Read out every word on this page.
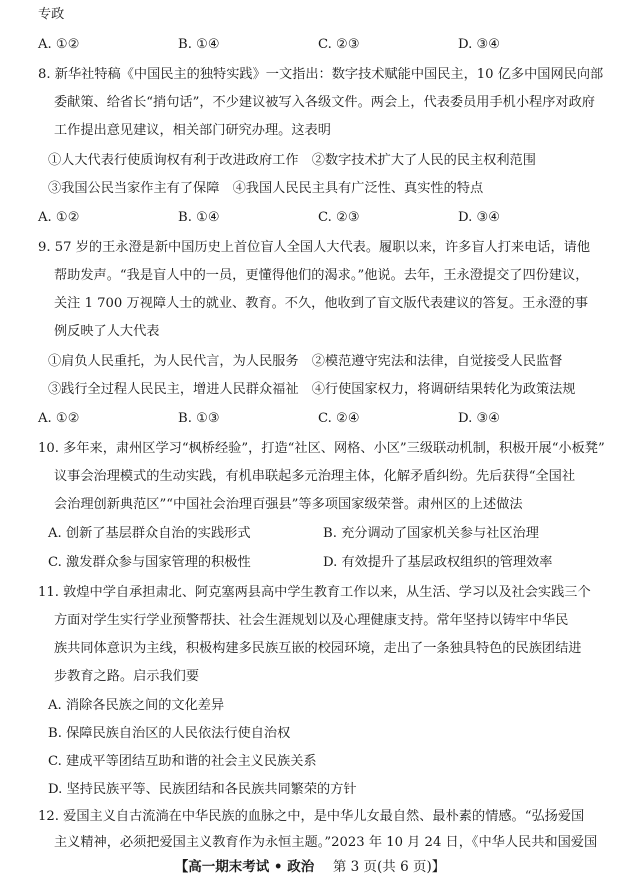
专政
A. ①②	B. ①④	C. ②③	D. ③④
8. 新华社特稿《中国民主的独特实践》一文指出：数字技术赋能中国民主，10 亿多中国网民向部
委献策、给省长“捎句话”，不少建议被写入各级文件。两会上，代表委员用手机小程序对政府
工作提出意见建议，相关部门研究办理。这表明
①人大代表行使质询权有利于改进政府工作　②数字技术扩大了人民的民主权利范围
③我国公民当家作主有了保障　④我国人民民主具有广泛性、真实性的特点
A. ①②	B. ①④	C. ②③	D. ③④
9. 57 岁的王永澄是新中国历史上首位盲人全国人大代表。履职以来，许多盲人打来电话，请他
帮助发声。“我是盲人中的一员，更懂得他们的渴求。”他说。去年，王永澄提交了四份建议，
关注 1 700 万视障人士的就业、教育。不久，他收到了盲文版代表建议的答复。王永澄的事
例反映了人大代表
①肩负人民重托，为人民代言，为人民服务　②模范遵守宪法和法律，自觉接受人民监督
③践行全过程人民民主，增进人民群众福祉　④行使国家权力，将调研结果转化为政策法规
A. ①②	B. ①③	C. ②④	D. ③④
10. 多年来，肃州区学习“枫桥经验”，打造“社区、网格、小区”三级联动机制，积极开展“小板凳”
议事会治理模式的生动实践，有机串联起多元治理主体，化解矛盾纠纷。先后获得“全国社
会治理创新典范区”“中国社会治理百强县”等多项国家级荣誉。肃州区的上述做法
A. 创新了基层群众自治的实践形式	B. 充分调动了国家机关参与社区治理
C. 激发群众参与国家管理的积极性	D. 有效提升了基层政权组织的管理效率
11. 敦煌中学自承担肃北、阿克塞两县高中学生教育工作以来，从生活、学习以及社会实践三个
方面对学生实行学业预警帮扶、社会生涯规划以及心理健康支持。常年坚持以铸牢中华民
族共同体意识为主线，积极构建多民族互嵌的校园环境，走出了一条独具特色的民族团结进
步教育之路。启示我们要
A. 消除各民族之间的文化差异
B. 保障民族自治区的人民依法行使自治权
C. 建成平等团结互助和谐的社会主义民族关系
D. 坚持民族平等、民族团结和各民族共同繁荣的方针
12. 爱国主义自古流淌在中华民族的血脉之中，是中华儿女最自然、最朴素的情感。“弘扬爱国
主义精神，必须把爱国主义教育作为永恒主题。”2023 年 10 月 24 日，《中华人民共和国爱国
【高一期末考试 • 政治 第 3 页(共 6 页)】
